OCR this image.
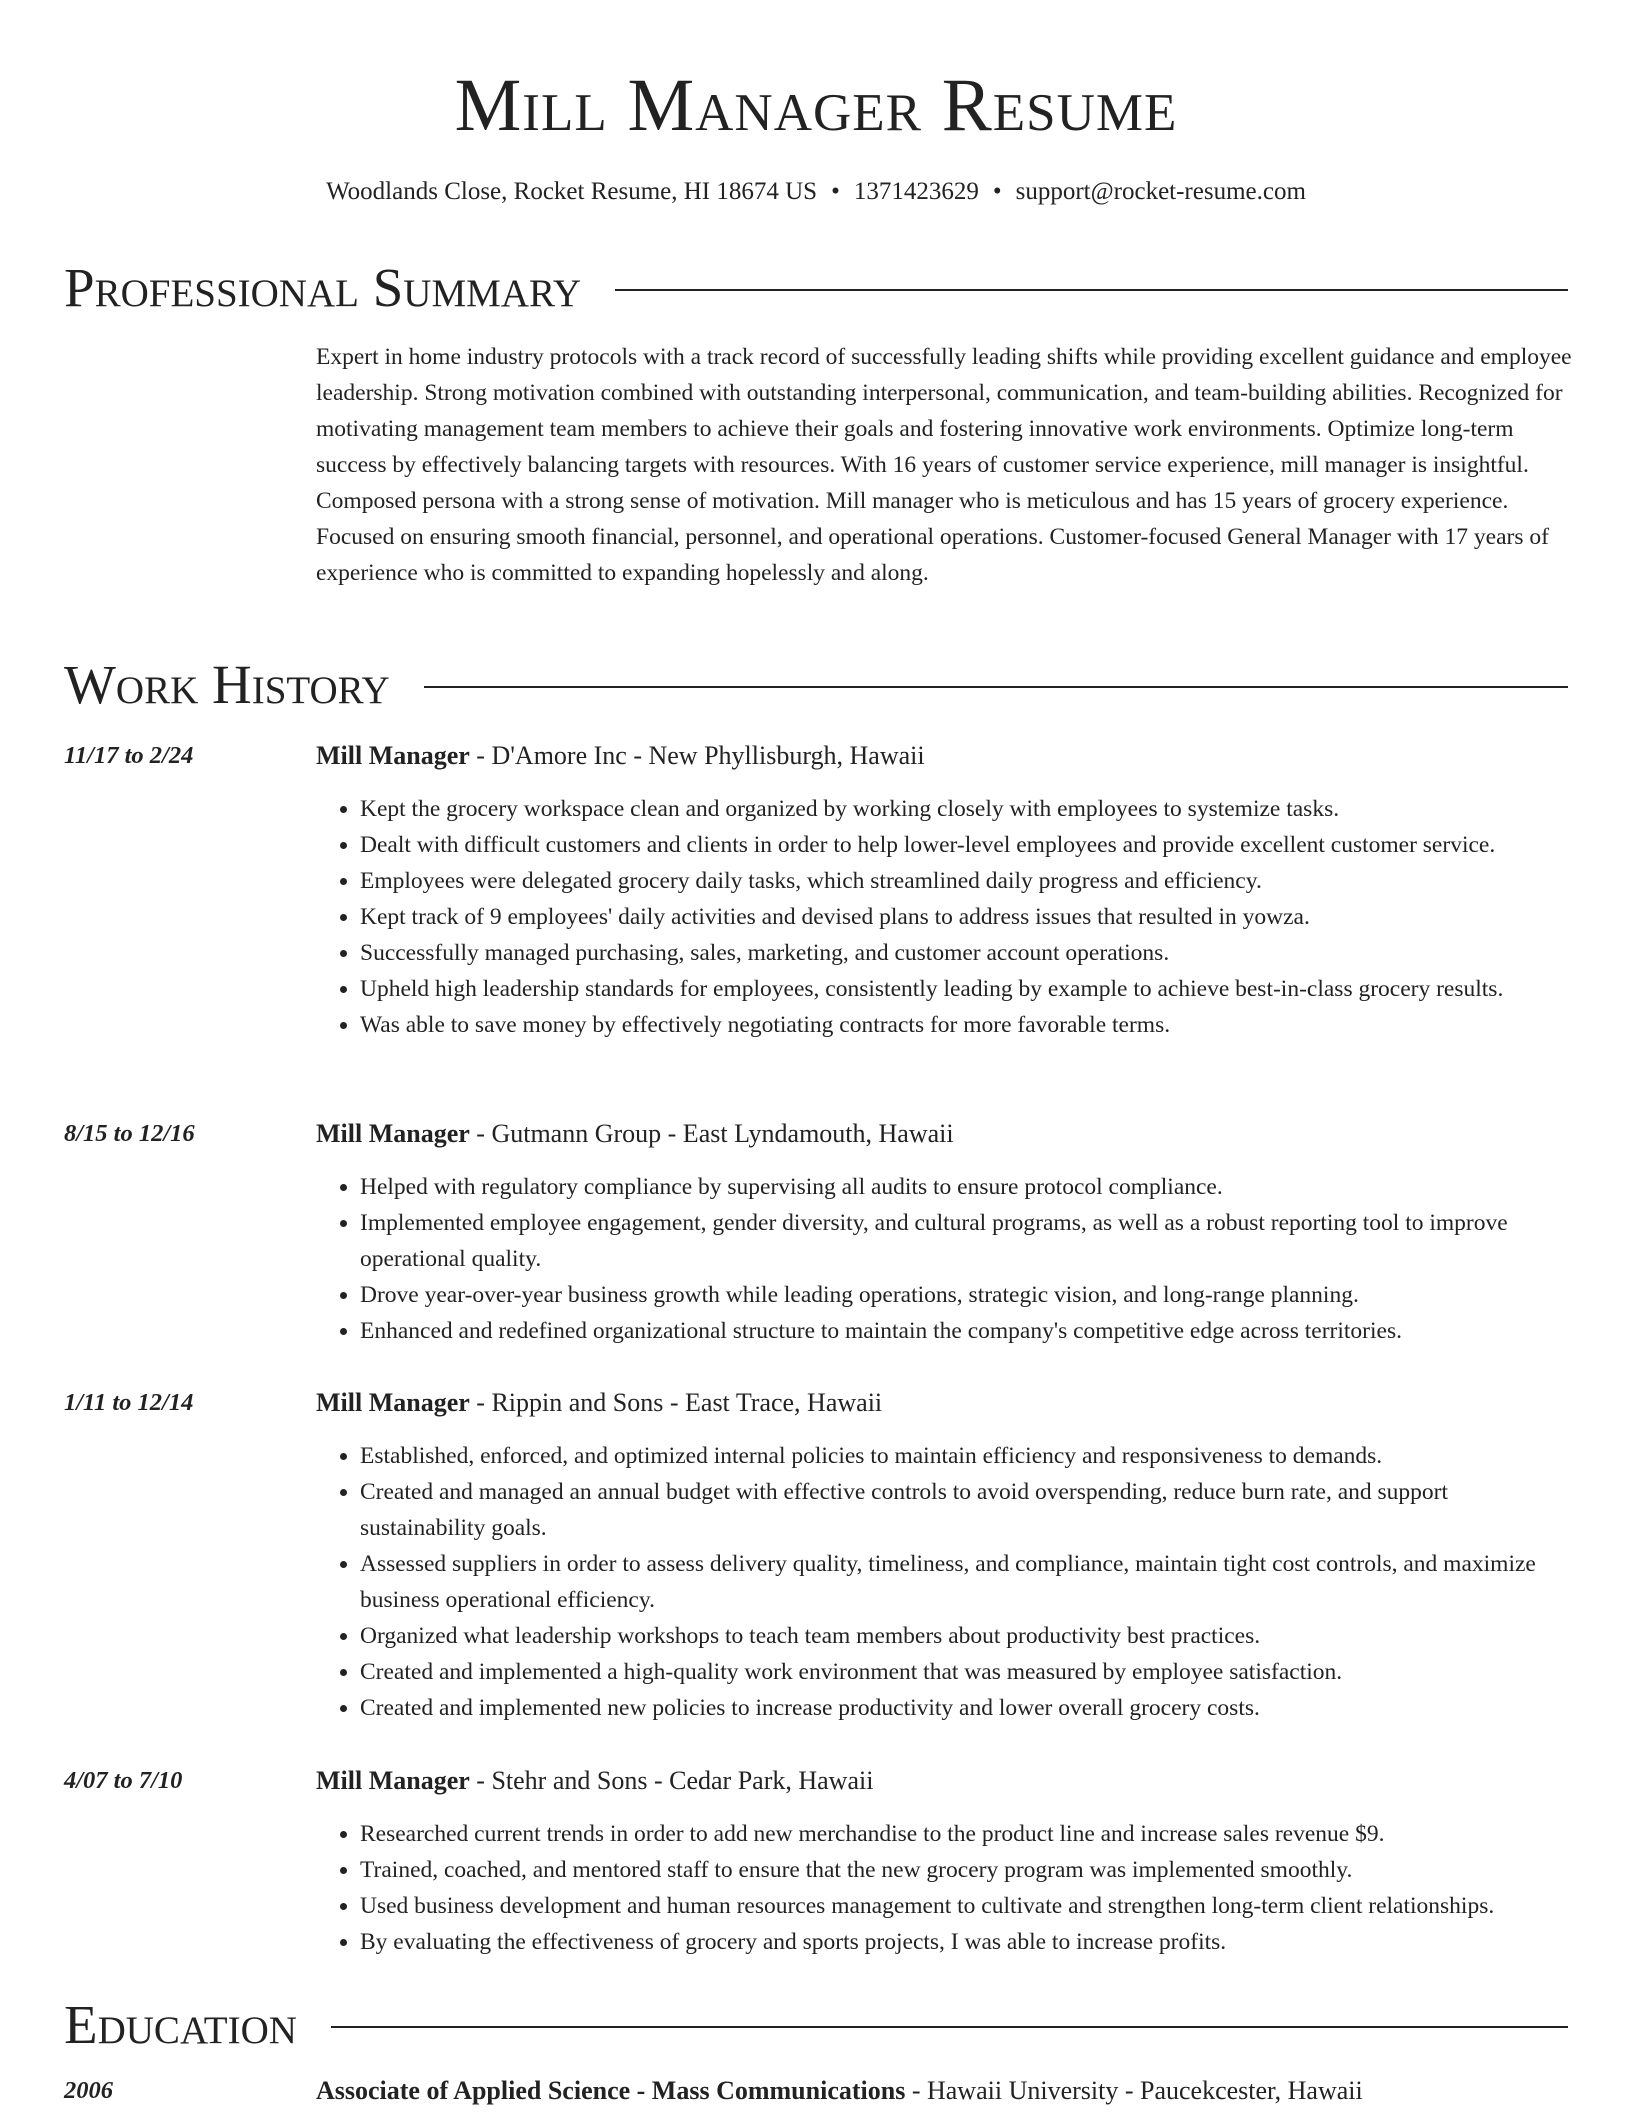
Mill Manager Resume
Woodlands Close, Rocket Resume, HI 18674 US • 1371423629 • support@rocket-resume.com
Professional Summary

Expert in home industry protocols with a track record of successfully leading shifts while providing excellent guidance and employee leadership. Strong motivation combined with outstanding interpersonal, communication, and team-building abilities. Recognized for motivating management team members to achieve their goals and fostering innovative work environments. Optimize long-term success by effectively balancing targets with resources. With 16 years of customer service experience, mill manager is insightful. Composed persona with a strong sense of motivation. Mill manager who is meticulous and has 15 years of grocery experience. Focused on ensuring smooth financial, personnel, and operational operations. Customer-focused General Manager with 17 years of experience who is committed to expanding hopelessly and along.

Work History
11/17 to 2/24	Mill Manager - D'Amore Inc - New Phyllisburgh, Hawaii
• Kept the grocery workspace clean and organized by working closely with employees to systemize tasks.
• Dealt with difficult customers and clients in order to help lower-level employees and provide excellent customer service.
• Employees were delegated grocery daily tasks, which streamlined daily progress and efficiency.
• Kept track of 9 employees' daily activities and devised plans to address issues that resulted in yowza.
• Successfully managed purchasing, sales, marketing, and customer account operations.
• Upheld high leadership standards for employees, consistently leading by example to achieve best-in-class grocery results.
• Was able to save money by effectively negotiating contracts for more favorable terms.
8/15 to 12/16	Mill Manager - Gutmann Group - East Lyndamouth, Hawaii
• Helped with regulatory compliance by supervising all audits to ensure protocol compliance.
• Implemented employee engagement, gender diversity, and cultural programs, as well as a robust reporting tool to improve operational quality.
• Drove year-over-year business growth while leading operations, strategic vision, and long-range planning.
• Enhanced and redefined organizational structure to maintain the company's competitive edge across territories.
1/11 to 12/14	Mill Manager - Rippin and Sons - East Trace, Hawaii
• Established, enforced, and optimized internal policies to maintain efficiency and responsiveness to demands.
• Created and managed an annual budget with effective controls to avoid overspending, reduce burn rate, and support sustainability goals.
• Assessed suppliers in order to assess delivery quality, timeliness, and compliance, maintain tight cost controls, and maximize business operational efficiency.
• Organized what leadership workshops to teach team members about productivity best practices.
• Created and implemented a high-quality work environment that was measured by employee satisfaction.
• Created and implemented new policies to increase productivity and lower overall grocery costs.
4/07 to 7/10	Mill Manager - Stehr and Sons - Cedar Park, Hawaii
• Researched current trends in order to add new merchandise to the product line and increase sales revenue $9.
• Trained, coached, and mentored staff to ensure that the new grocery program was implemented smoothly.
• Used business development and human resources management to cultivate and strengthen long-term client relationships.
• By evaluating the effectiveness of grocery and sports projects, I was able to increase profits.
Education
2006	Associate of Applied Science - Mass Communications - Hawaii University - Paucekcester, Hawaii
